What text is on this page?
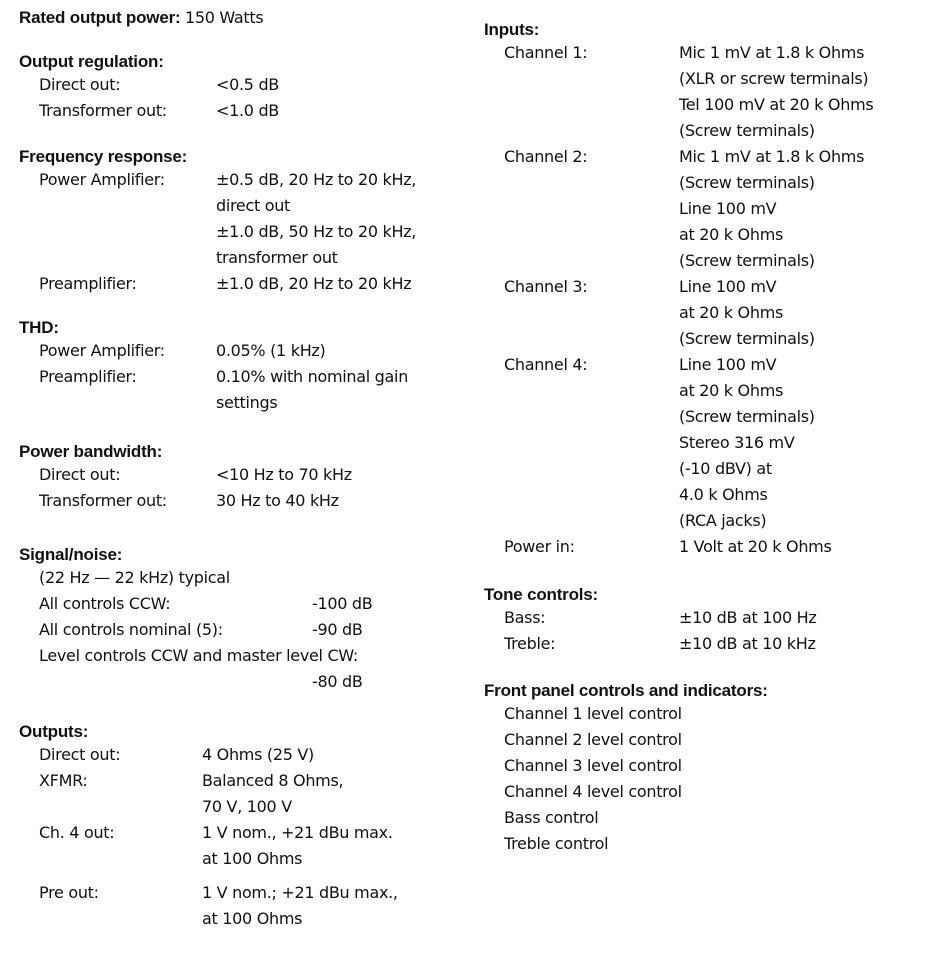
Rated output power: 150 Watts
Output regulation:
Direct out:	<0.5 dB
Transformer out:	<1.0 dB
Frequency response:
Power Amplifier:	±0.5 dB, 20 Hz to 20 kHz,
direct out
±1.0 dB, 50 Hz to 20 kHz,
transformer out
Preamplifier:	±1.0 dB, 20 Hz to 20 kHz
THD:
Power Amplifier:	0.05% (1 kHz)
Preamplifier:	0.10% with nominal gain
settings
Power bandwidth:
Direct out:	<10 Hz to 70 kHz
Transformer out:	30 Hz to 40 kHz
Signal/noise:
(22 Hz — 22 kHz) typical
All controls CCW:	-100 dB
All controls nominal (5):	-90 dB
Level controls CCW and master level CW:
-80 dB
Outputs:
Direct out:	4 Ohms (25 V)
XFMR:	Balanced 8 Ohms,
70 V, 100 V
Ch. 4 out:	1 V nom., +21 dBu max.
at 100 Ohms
Pre out:	1 V nom.; +21 dBu max.,
at 100 Ohms
Inputs:
Channel 1:	Mic 1 mV at 1.8 k Ohms
(XLR or screw terminals)
Tel 100 mV at 20 k Ohms
(Screw terminals)
Channel 2:	Mic 1 mV at 1.8 k Ohms
(Screw terminals)
Line 100 mV
at 20 k Ohms
(Screw terminals)
Channel 3:	Line 100 mV
at 20 k Ohms
(Screw terminals)
Channel 4:	Line 100 mV
at 20 k Ohms
(Screw terminals)
Stereo 316 mV
(-10 dBV) at
4.0 k Ohms
(RCA jacks)
Power in:	1 Volt at 20 k Ohms
Tone controls:
Bass:	±10 dB at 100 Hz
Treble:	±10 dB at 10 kHz
Front panel controls and indicators:
Channel 1 level control
Channel 2 level control
Channel 3 level control
Channel 4 level control
Bass control
Treble control
